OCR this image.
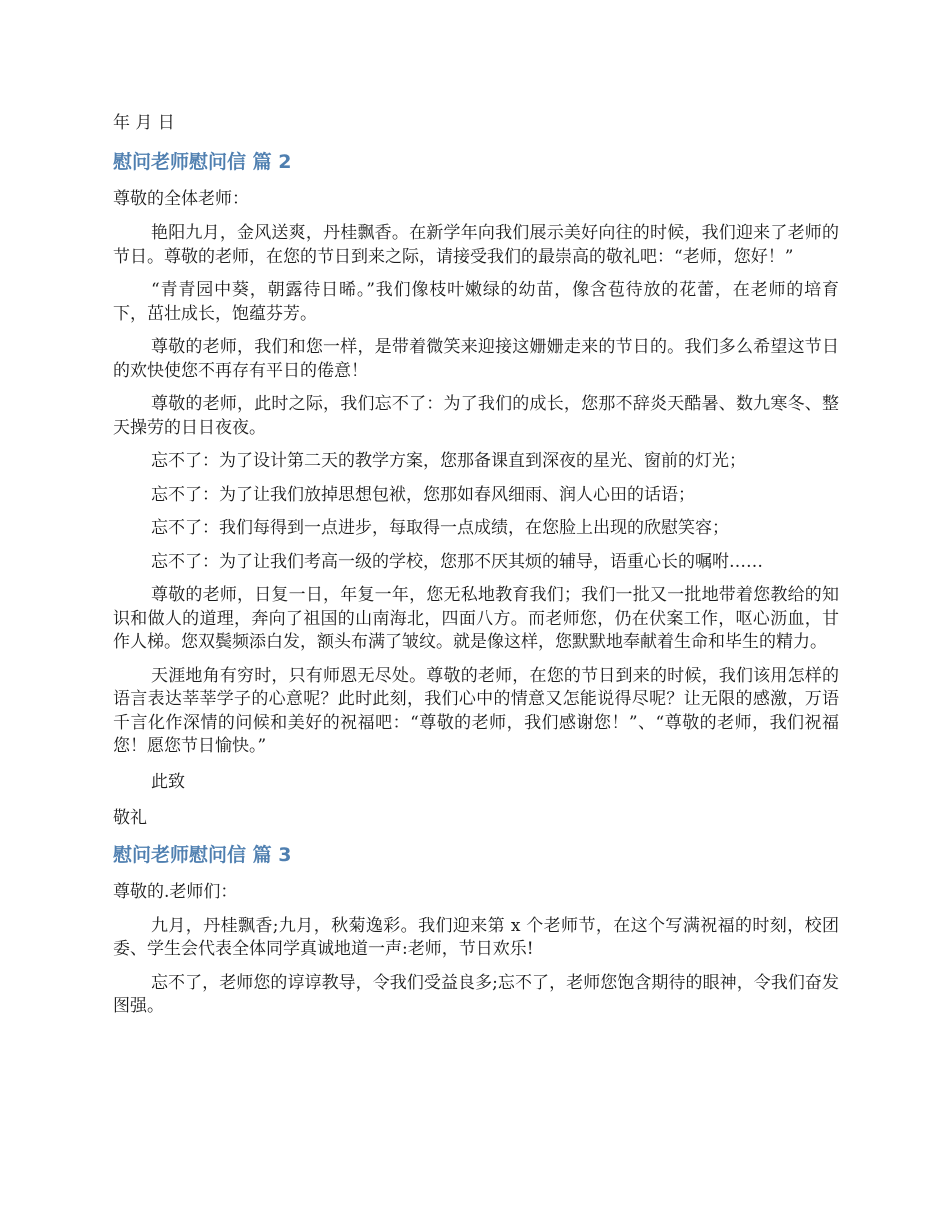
年 月 日

慰问老师慰问信 篇 2

尊敬的全体老师：

艳阳九月，金风送爽，丹桂飘香。在新学年向我们展示美好向往的时候，我们迎来了老师的节日。尊敬的老师，在您的节日到来之际，请接受我们的最崇高的敬礼吧：“老师，您好！”

“青青园中葵，朝露待日晞。”我们像枝叶嫩绿的幼苗，像含苞待放的花蕾，在老师的培育下，茁壮成长，饱蕴芬芳。

尊敬的老师，我们和您一样，是带着微笑来迎接这姗姗走来的节日的。我们多么希望这节日的欢快使您不再存有平日的倦意！

尊敬的老师，此时之际，我们忘不了：为了我们的成长，您那不辞炎天酷暑、数九寒冬、整天操劳的日日夜夜。

忘不了：为了设计第二天的教学方案，您那备课直到深夜的星光、窗前的灯光；

忘不了：为了让我们放掉思想包袱，您那如春风细雨、润人心田的话语；

忘不了：我们每得到一点进步，每取得一点成绩，在您脸上出现的欣慰笑容；

忘不了：为了让我们考高一级的学校，您那不厌其烦的辅导，语重心长的嘱咐……

尊敬的老师，日复一日，年复一年，您无私地教育我们；我们一批又一批地带着您教给的知识和做人的道理，奔向了祖国的山南海北，四面八方。而老师您，仍在伏案工作，呕心沥血，甘作人梯。您双鬓频添白发，额头布满了皱纹。就是像这样，您默默地奉献着生命和毕生的精力。

天涯地角有穷时，只有师恩无尽处。尊敬的老师，在您的节日到来的时候，我们该用怎样的语言表达莘莘学子的心意呢？此时此刻，我们心中的情意又怎能说得尽呢？让无限的感激，万语千言化作深情的问候和美好的祝福吧：“尊敬的老师，我们感谢您！”、“尊敬的老师，我们祝福您！愿您节日愉快。”

此致

敬礼

慰问老师慰问信 篇 3

尊敬的.老师们：

九月，丹桂飘香;九月，秋菊逸彩。我们迎来第 x 个老师节，在这个写满祝福的时刻，校团委、学生会代表全体同学真诚地道一声:老师，节日欢乐!

忘不了，老师您的谆谆教导，令我们受益良多;忘不了，老师您饱含期待的眼神，令我们奋发图强。
